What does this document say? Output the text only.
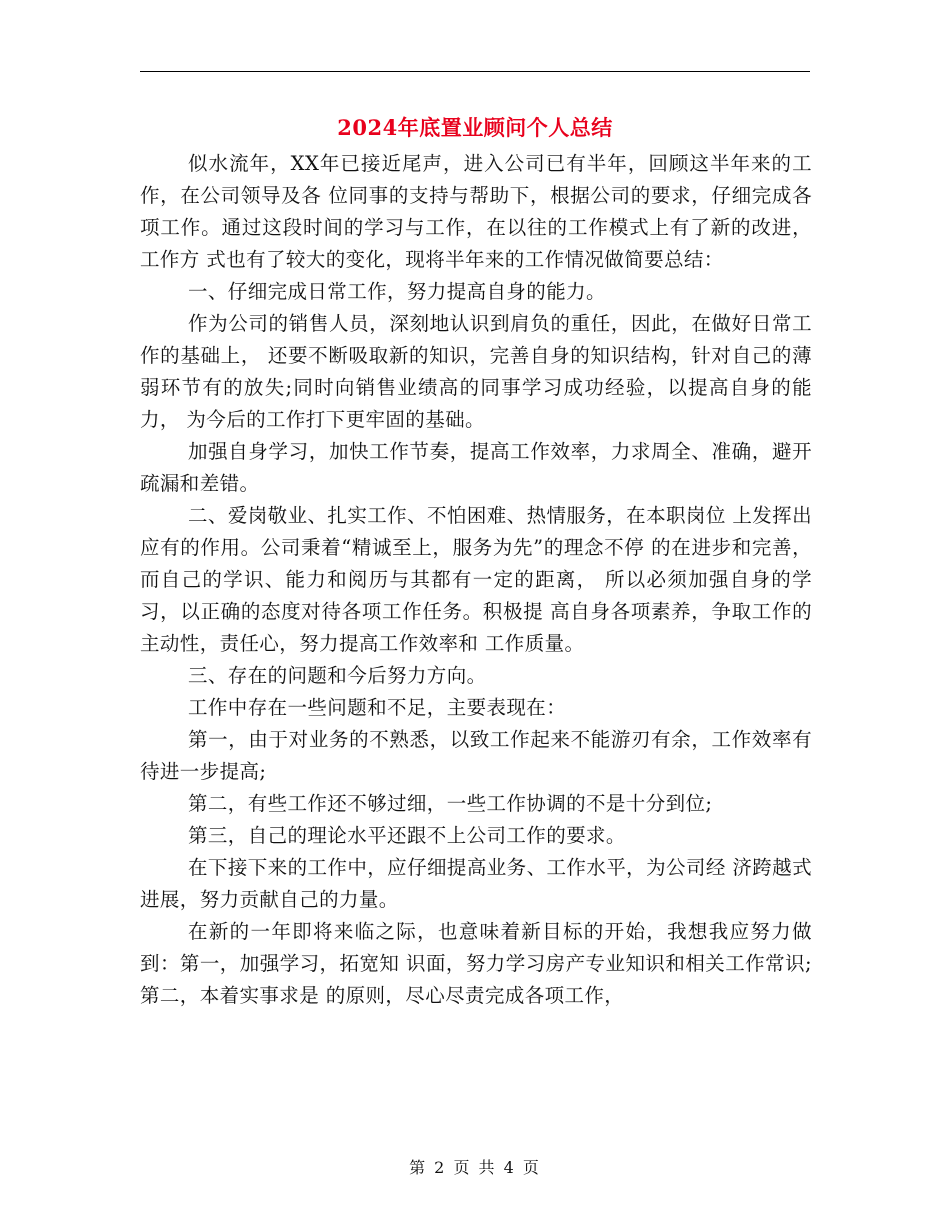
2024年底置业顾问个人总结

似水流年，XX年已接近尾声，进入公司已有半年，回顾这半年来的工作，在公司领导及各 位同事的支持与帮助下，根据公司的要求，仔细完成各项工作。通过这段时间的学习与工作，在以往的工作模式上有了新的改进，工作方 式也有了较大的变化，现将半年来的工作情况做简要总结：

一、仔细完成日常工作，努力提高自身的能力。

作为公司的销售人员，深刻地认识到肩负的重任，因此，在做好日常工作的基础上， 还要不断吸取新的知识，完善自身的知识结构，针对自己的薄弱环节有的放失;同时向销售业绩高的同事学习成功经验，以提高自身的能 力， 为今后的工作打下更牢固的基础。

加强自身学习，加快工作节奏，提高工作效率，力求周全、准确，避开疏漏和差错。

二、爱岗敬业、扎实工作、不怕困难、热情服务，在本职岗位 上发挥出应有的作用。公司秉着“精诚至上，服务为先”的理念不停 的在进步和完善，而自己的学识、能力和阅历与其都有一定的距离， 所以必须加强自身的学习，以正确的态度对待各项工作任务。积极提 高自身各项素养，争取工作的主动性，责任心，努力提高工作效率和 工作质量。

三、存在的问题和今后努力方向。

工作中存在一些问题和不足，主要表现在：

第一，由于对业务的不熟悉，以致工作起来不能游刃有余，工作效率有待进一步提高;

第二，有些工作还不够过细，一些工作协调的不是十分到位;

第三，自己的理论水平还跟不上公司工作的要求。

在下接下来的工作中，应仔细提高业务、工作水平，为公司经 济跨越式进展，努力贡献自己的力量。

在新的一年即将来临之际，也意味着新目标的开始，我想我应努力做到：第一，加强学习，拓宽知 识面，努力学习房产专业知识和相关工作常识;第二，本着实事求是 的原则，尽心尽责完成各项工作，

第 2 页 共 4 页
